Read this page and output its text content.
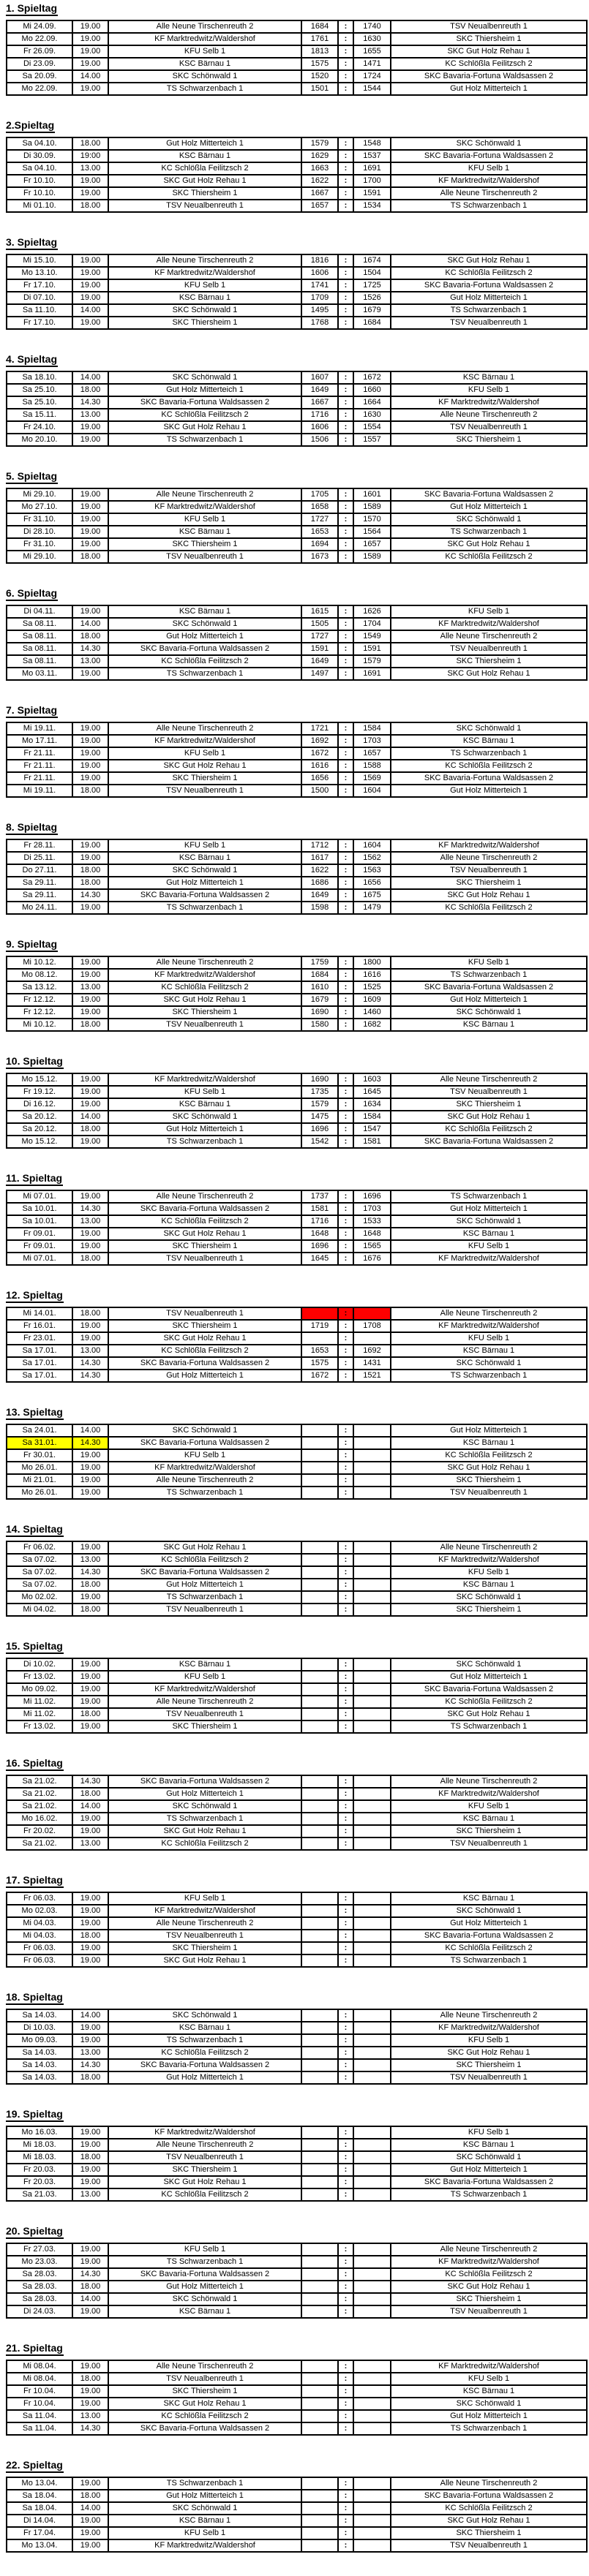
1. Spieltag
Mi 24.09.	19.00	Alle Neune Tirschenreuth 2	1684	:	1740	TSV Neualbenreuth 1
Mo 22.09.	19.00	KF Marktredwitz/Waldershof	1761	:	1630	SKC Thiersheim 1
Fr 26.09.	19.00	KFU Selb 1	1813	:	1655	SKC Gut Holz Rehau 1
Di 23.09.	19.00	KSC Bärnau 1	1575	:	1471	KC Schlößla Feilitzsch 2
Sa 20.09.	14.00	SKC Schönwald 1	1520	:	1724	SKC Bavaria-Fortuna Waldsassen 2
Mo 22.09.	19.00	TS Schwarzenbach 1	1501	:	1544	Gut Holz Mitterteich 1
2.Spieltag
Sa 04.10.	18.00	Gut Holz Mitterteich 1	1579	:	1548	SKC Schönwald 1
Di 30.09.	19:00	KSC Bärnau 1	1629	:	1537	SKC Bavaria-Fortuna Waldsassen 2
Sa 04.10.	13.00	KC Schlößla Feilitzsch 2	1663	:	1691	KFU Selb 1
Fr 10.10.	19.00	SKC Gut Holz Rehau 1	1622	:	1700	KF Marktredwitz/Waldershof
Fr 10.10.	19.00	SKC Thiersheim 1	1667	:	1591	Alle Neune Tirschenreuth 2
Mi 01.10.	18.00	TSV Neualbenreuth 1	1657	:	1534	TS Schwarzenbach 1
3. Spieltag
Mi 15.10.	19.00	Alle Neune Tirschenreuth 2	1816	:	1674	SKC Gut Holz Rehau 1
Mo 13.10.	19.00	KF Marktredwitz/Waldershof	1606	:	1504	KC Schlößla Feilitzsch 2
Fr 17.10.	19.00	KFU Selb 1	1741	:	1725	SKC Bavaria-Fortuna Waldsassen 2
Di 07.10.	19.00	KSC Bärnau 1	1709	:	1526	Gut Holz Mitterteich 1
Sa 11.10.	14.00	SKC Schönwald 1	1495	:	1679	TS Schwarzenbach 1
Fr 17.10.	19.00	SKC Thiersheim 1	1768	:	1684	TSV Neualbenreuth 1
4. Spieltag
Sa 18.10.	14.00	SKC Schönwald 1	1607	:	1672	KSC Bärnau 1
Sa 25.10.	18.00	Gut Holz Mitterteich 1	1649	:	1660	KFU Selb 1
Sa 25.10.	14.30	SKC Bavaria-Fortuna Waldsassen 2	1667	:	1664	KF Marktredwitz/Waldershof
Sa 15.11.	13.00	KC Schlößla Feilitzsch 2	1716	:	1630	Alle Neune Tirschenreuth 2
Fr 24.10.	19.00	SKC Gut Holz Rehau 1	1606	:	1554	TSV Neualbenreuth 1
Mo 20.10.	19.00	TS Schwarzenbach 1	1506	:	1557	SKC Thiersheim 1
5. Spieltag
Mi 29.10.	19.00	Alle Neune Tirschenreuth 2	1705	:	1601	SKC Bavaria-Fortuna Waldsassen 2
Mo 27.10.	19.00	KF Marktredwitz/Waldershof	1658	:	1589	Gut Holz Mitterteich 1
Fr 31.10.	19.00	KFU Selb 1	1727	:	1570	SKC Schönwald 1
Di 28.10.	19.00	KSC Bärnau 1	1653	:	1564	TS Schwarzenbach 1
Fr 31.10.	19.00	SKC Thiersheim 1	1694	:	1657	SKC Gut Holz Rehau 1
Mi 29.10.	18.00	TSV Neualbenreuth 1	1673	:	1589	KC Schlößla Feilitzsch 2
6. Spieltag
Di 04.11.	19.00	KSC Bärnau 1	1615	:	1626	KFU Selb 1
Sa 08.11.	14.00	SKC Schönwald 1	1505	:	1704	KF Marktredwitz/Waldershof
Sa 08.11.	18.00	Gut Holz Mitterteich 1	1727	:	1549	Alle Neune Tirschenreuth 2
Sa 08.11.	14.30	SKC Bavaria-Fortuna Waldsassen 2	1591	:	1591	TSV Neualbenreuth 1
Sa 08.11.	13.00	KC Schlößla Feilitzsch 2	1649	:	1579	SKC Thiersheim 1
Mo 03.11.	19.00	TS Schwarzenbach 1	1497	:	1691	SKC Gut Holz Rehau 1
7. Spieltag
Mi 19.11.	19.00	Alle Neune Tirschenreuth 2	1721	:	1584	SKC Schönwald 1
Mo 17.11.	19.00	KF Marktredwitz/Waldershof	1692	:	1703	KSC Bärnau 1
Fr 21.11.	19.00	KFU Selb 1	1672	:	1657	TS Schwarzenbach 1
Fr 21.11.	19.00	SKC Gut Holz Rehau 1	1616	:	1588	KC Schlößla Feilitzsch 2
Fr 21.11.	19.00	SKC Thiersheim 1	1656	:	1569	SKC Bavaria-Fortuna Waldsassen 2
Mi 19.11.	18.00	TSV Neualbenreuth 1	1500	:	1604	Gut Holz Mitterteich 1
8. Spieltag
Fr 28.11.	19.00	KFU Selb 1	1712	:	1604	KF Marktredwitz/Waldershof
Di 25.11.	19.00	KSC Bärnau 1	1617	:	1562	Alle Neune Tirschenreuth 2
Do 27.11.	18.00	SKC Schönwald 1	1622	:	1563	TSV Neualbenreuth 1
Sa 29.11.	18.00	Gut Holz Mitterteich 1	1686	:	1656	SKC Thiersheim 1
Sa 29.11.	14.30	SKC Bavaria-Fortuna Waldsassen 2	1649	:	1675	SKC Gut Holz Rehau 1
Mo 24.11.	19.00	TS Schwarzenbach 1	1598	:	1479	KC Schlößla Feilitzsch 2
9. Spieltag
Mi 10.12.	19.00	Alle Neune Tirschenreuth 2	1759	:	1800	KFU Selb 1
Mo 08.12.	19.00	KF Marktredwitz/Waldershof	1684	:	1616	TS Schwarzenbach 1
Sa 13.12.	13.00	KC Schlößla Feilitzsch 2	1610	:	1525	SKC Bavaria-Fortuna Waldsassen 2
Fr 12.12.	19.00	SKC Gut Holz Rehau 1	1679	:	1609	Gut Holz Mitterteich 1
Fr 12.12.	19.00	SKC Thiersheim 1	1690	:	1460	SKC Schönwald 1
Mi 10.12.	18.00	TSV Neualbenreuth 1	1580	:	1682	KSC Bärnau 1
10. Spieltag
Mo 15.12.	19.00	KF Marktredwitz/Waldershof	1690	:	1603	Alle Neune Tirschenreuth 2
Fr 19.12.	19.00	KFU Selb 1	1735	:	1645	TSV Neualbenreuth 1
Di 16.12.	19.00	KSC Bärnau 1	1579	:	1634	SKC Thiersheim 1
Sa 20.12.	14.00	SKC Schönwald 1	1475	:	1584	SKC Gut Holz Rehau 1
Sa 20.12.	18.00	Gut Holz Mitterteich 1	1696	:	1547	KC Schlößla Feilitzsch 2
Mo 15.12.	19.00	TS Schwarzenbach 1	1542	:	1581	SKC Bavaria-Fortuna Waldsassen 2
11. Spieltag
Mi 07.01.	19.00	Alle Neune Tirschenreuth 2	1737	:	1696	TS Schwarzenbach 1
Sa 10.01.	14.30	SKC Bavaria-Fortuna Waldsassen 2	1581	:	1703	Gut Holz Mitterteich 1
Sa 10.01.	13.00	KC Schlößla Feilitzsch 2	1716	:	1533	SKC Schönwald 1
Fr 09.01.	19.00	SKC Gut Holz Rehau 1	1648	:	1648	KSC Bärnau 1
Fr 09.01.	19.00	SKC Thiersheim 1	1696	:	1565	KFU Selb 1
Mi 07.01.	18.00	TSV Neualbenreuth 1	1645	:	1676	KF Marktredwitz/Waldershof
12. Spieltag
Mi 14.01.	18.00	TSV Neualbenreuth 1		:		Alle Neune Tirschenreuth 2
Fr 16.01.	19.00	SKC Thiersheim 1	1719	:	1708	KF Marktredwitz/Waldershof
Fr 23.01.	19.00	SKC Gut Holz Rehau 1		:		KFU Selb 1
Sa 17.01.	13.00	KC Schlößla Feilitzsch 2	1653	:	1692	KSC Bärnau 1
Sa 17.01.	14.30	SKC Bavaria-Fortuna Waldsassen 2	1575	:	1431	SKC Schönwald 1
Sa 17.01.	14.30	Gut Holz Mitterteich 1	1672	:	1521	TS Schwarzenbach 1
13. Spieltag
Sa 24.01.	14.00	SKC Schönwald 1		:		Gut Holz Mitterteich 1
Sa 31.01.	14.30	SKC Bavaria-Fortuna Waldsassen 2		:		KSC Bärnau 1
Fr 30.01.	19.00	KFU Selb 1		:		KC Schlößla Feilitzsch 2
Mo 26.01.	19.00	KF Marktredwitz/Waldershof		:		SKC Gut Holz Rehau 1
Mi 21.01.	19.00	Alle Neune Tirschenreuth 2		:		SKC Thiersheim 1
Mo 26.01.	19.00	TS Schwarzenbach 1		:		TSV Neualbenreuth 1
14. Spieltag
Fr 06.02.	19.00	SKC Gut Holz Rehau 1		:		Alle Neune Tirschenreuth 2
Sa 07.02.	13.00	KC Schlößla Feilitzsch 2		:		KF Marktredwitz/Waldershof
Sa 07.02.	14.30	SKC Bavaria-Fortuna Waldsassen 2		:		KFU Selb 1
Sa 07.02.	18.00	Gut Holz Mitterteich 1		:		KSC Bärnau 1
Mo 02.02.	19.00	TS Schwarzenbach 1		:		SKC Schönwald 1
Mi 04.02.	18.00	TSV Neualbenreuth 1		:		SKC Thiersheim 1
15. Spieltag
Di 10.02.	19.00	KSC Bärnau 1		:		SKC Schönwald 1
Fr 13.02.	19.00	KFU Selb 1		:		Gut Holz Mitterteich 1
Mo 09.02.	19.00	KF Marktredwitz/Waldershof		:		SKC Bavaria-Fortuna Waldsassen 2
Mi 11.02.	19.00	Alle Neune Tirschenreuth 2		:		KC Schlößla Feilitzsch 2
Mi 11.02.	18.00	TSV Neualbenreuth 1		:		SKC Gut Holz Rehau 1
Fr 13.02.	19.00	SKC Thiersheim 1		:		TS Schwarzenbach 1
16. Spieltag
Sa 21.02.	14.30	SKC Bavaria-Fortuna Waldsassen 2		:		Alle Neune Tirschenreuth 2
Sa 21.02.	18.00	Gut Holz Mitterteich 1		:		KF Marktredwitz/Waldershof
Sa 21.02.	14.00	SKC Schönwald 1		:		KFU Selb 1
Mo 16.02.	19.00	TS Schwarzenbach 1		:		KSC Bärnau 1
Fr 20.02.	19.00	SKC Gut Holz Rehau 1		:		SKC Thiersheim 1
Sa 21.02.	13.00	KC Schlößla Feilitzsch 2		:		TSV Neualbenreuth 1
17. Spieltag
Fr 06.03.	19.00	KFU Selb 1		:		KSC Bärnau 1
Mo 02.03.	19.00	KF Marktredwitz/Waldershof		:		SKC Schönwald 1
Mi 04.03.	19.00	Alle Neune Tirschenreuth 2		:		Gut Holz Mitterteich 1
Mi 04.03.	18.00	TSV Neualbenreuth 1		:		SKC Bavaria-Fortuna Waldsassen 2
Fr 06.03.	19.00	SKC Thiersheim 1		:		KC Schlößla Feilitzsch 2
Fr 06.03.	19.00	SKC Gut Holz Rehau 1		:		TS Schwarzenbach 1
18. Spieltag
Sa 14.03.	14.00	SKC Schönwald 1		:		Alle Neune Tirschenreuth 2
Di 10.03.	19.00	KSC Bärnau 1		:		KF Marktredwitz/Waldershof
Mo 09.03.	19.00	TS Schwarzenbach 1		:		KFU Selb 1
Sa 14.03.	13.00	KC Schlößla Feilitzsch 2		:		SKC Gut Holz Rehau 1
Sa 14.03.	14.30	SKC Bavaria-Fortuna Waldsassen 2		:		SKC Thiersheim 1
Sa 14.03.	18.00	Gut Holz Mitterteich 1		:		TSV Neualbenreuth 1
19. Spieltag
Mo 16.03.	19.00	KF Marktredwitz/Waldershof		:		KFU Selb 1
Mi 18.03.	19.00	Alle Neune Tirschenreuth 2		:		KSC Bärnau 1
Mi 18.03.	18.00	TSV Neualbenreuth 1		:		SKC Schönwald 1
Fr 20.03.	19.00	SKC Thiersheim 1		:		Gut Holz Mitterteich 1
Fr 20.03.	19.00	SKC Gut Holz Rehau 1		:		SKC Bavaria-Fortuna Waldsassen 2
Sa 21.03.	13.00	KC Schlößla Feilitzsch 2		:		TS Schwarzenbach 1
20. Spieltag
Fr 27.03.	19.00	KFU Selb 1		:		Alle Neune Tirschenreuth 2
Mo 23.03.	19.00	TS Schwarzenbach 1		:		KF Marktredwitz/Waldershof
Sa 28.03.	14.30	SKC Bavaria-Fortuna Waldsassen 2		:		KC Schlößla Feilitzsch 2
Sa 28.03.	18.00	Gut Holz Mitterteich 1		:		SKC Gut Holz Rehau 1
Sa 28.03.	14.00	SKC Schönwald 1		:		SKC Thiersheim 1
Di 24.03.	19.00	KSC Bärnau 1		:		TSV Neualbenreuth 1
21. Spieltag
Mi 08.04.	19.00	Alle Neune Tirschenreuth 2		:		KF Marktredwitz/Waldershof
Mi 08.04.	18.00	TSV Neualbenreuth 1		:		KFU Selb 1
Fr 10.04.	19.00	SKC Thiersheim 1		:		KSC Bärnau 1
Fr 10.04.	19.00	SKC Gut Holz Rehau 1		:		SKC Schönwald 1
Sa 11.04.	13.00	KC Schlößla Feilitzsch 2		:		Gut Holz Mitterteich 1
Sa 11.04.	14.30	SKC Bavaria-Fortuna Waldsassen 2		:		TS Schwarzenbach 1
22. Spieltag
Mo 13.04.	19.00	TS Schwarzenbach 1		:		Alle Neune Tirschenreuth 2
Sa 18.04.	18.00	Gut Holz Mitterteich 1		:		SKC Bavaria-Fortuna Waldsassen 2
Sa 18.04.	14.00	SKC Schönwald 1		:		KC Schlößla Feilitzsch 2
Di 14.04.	19.00	KSC Bärnau 1		:		SKC Gut Holz Rehau 1
Fr 17.04.	19.00	KFU Selb 1		:		SKC Thiersheim 1
Mo 13.04.	19.00	KF Marktredwitz/Waldershof		:		TSV Neualbenreuth 1
